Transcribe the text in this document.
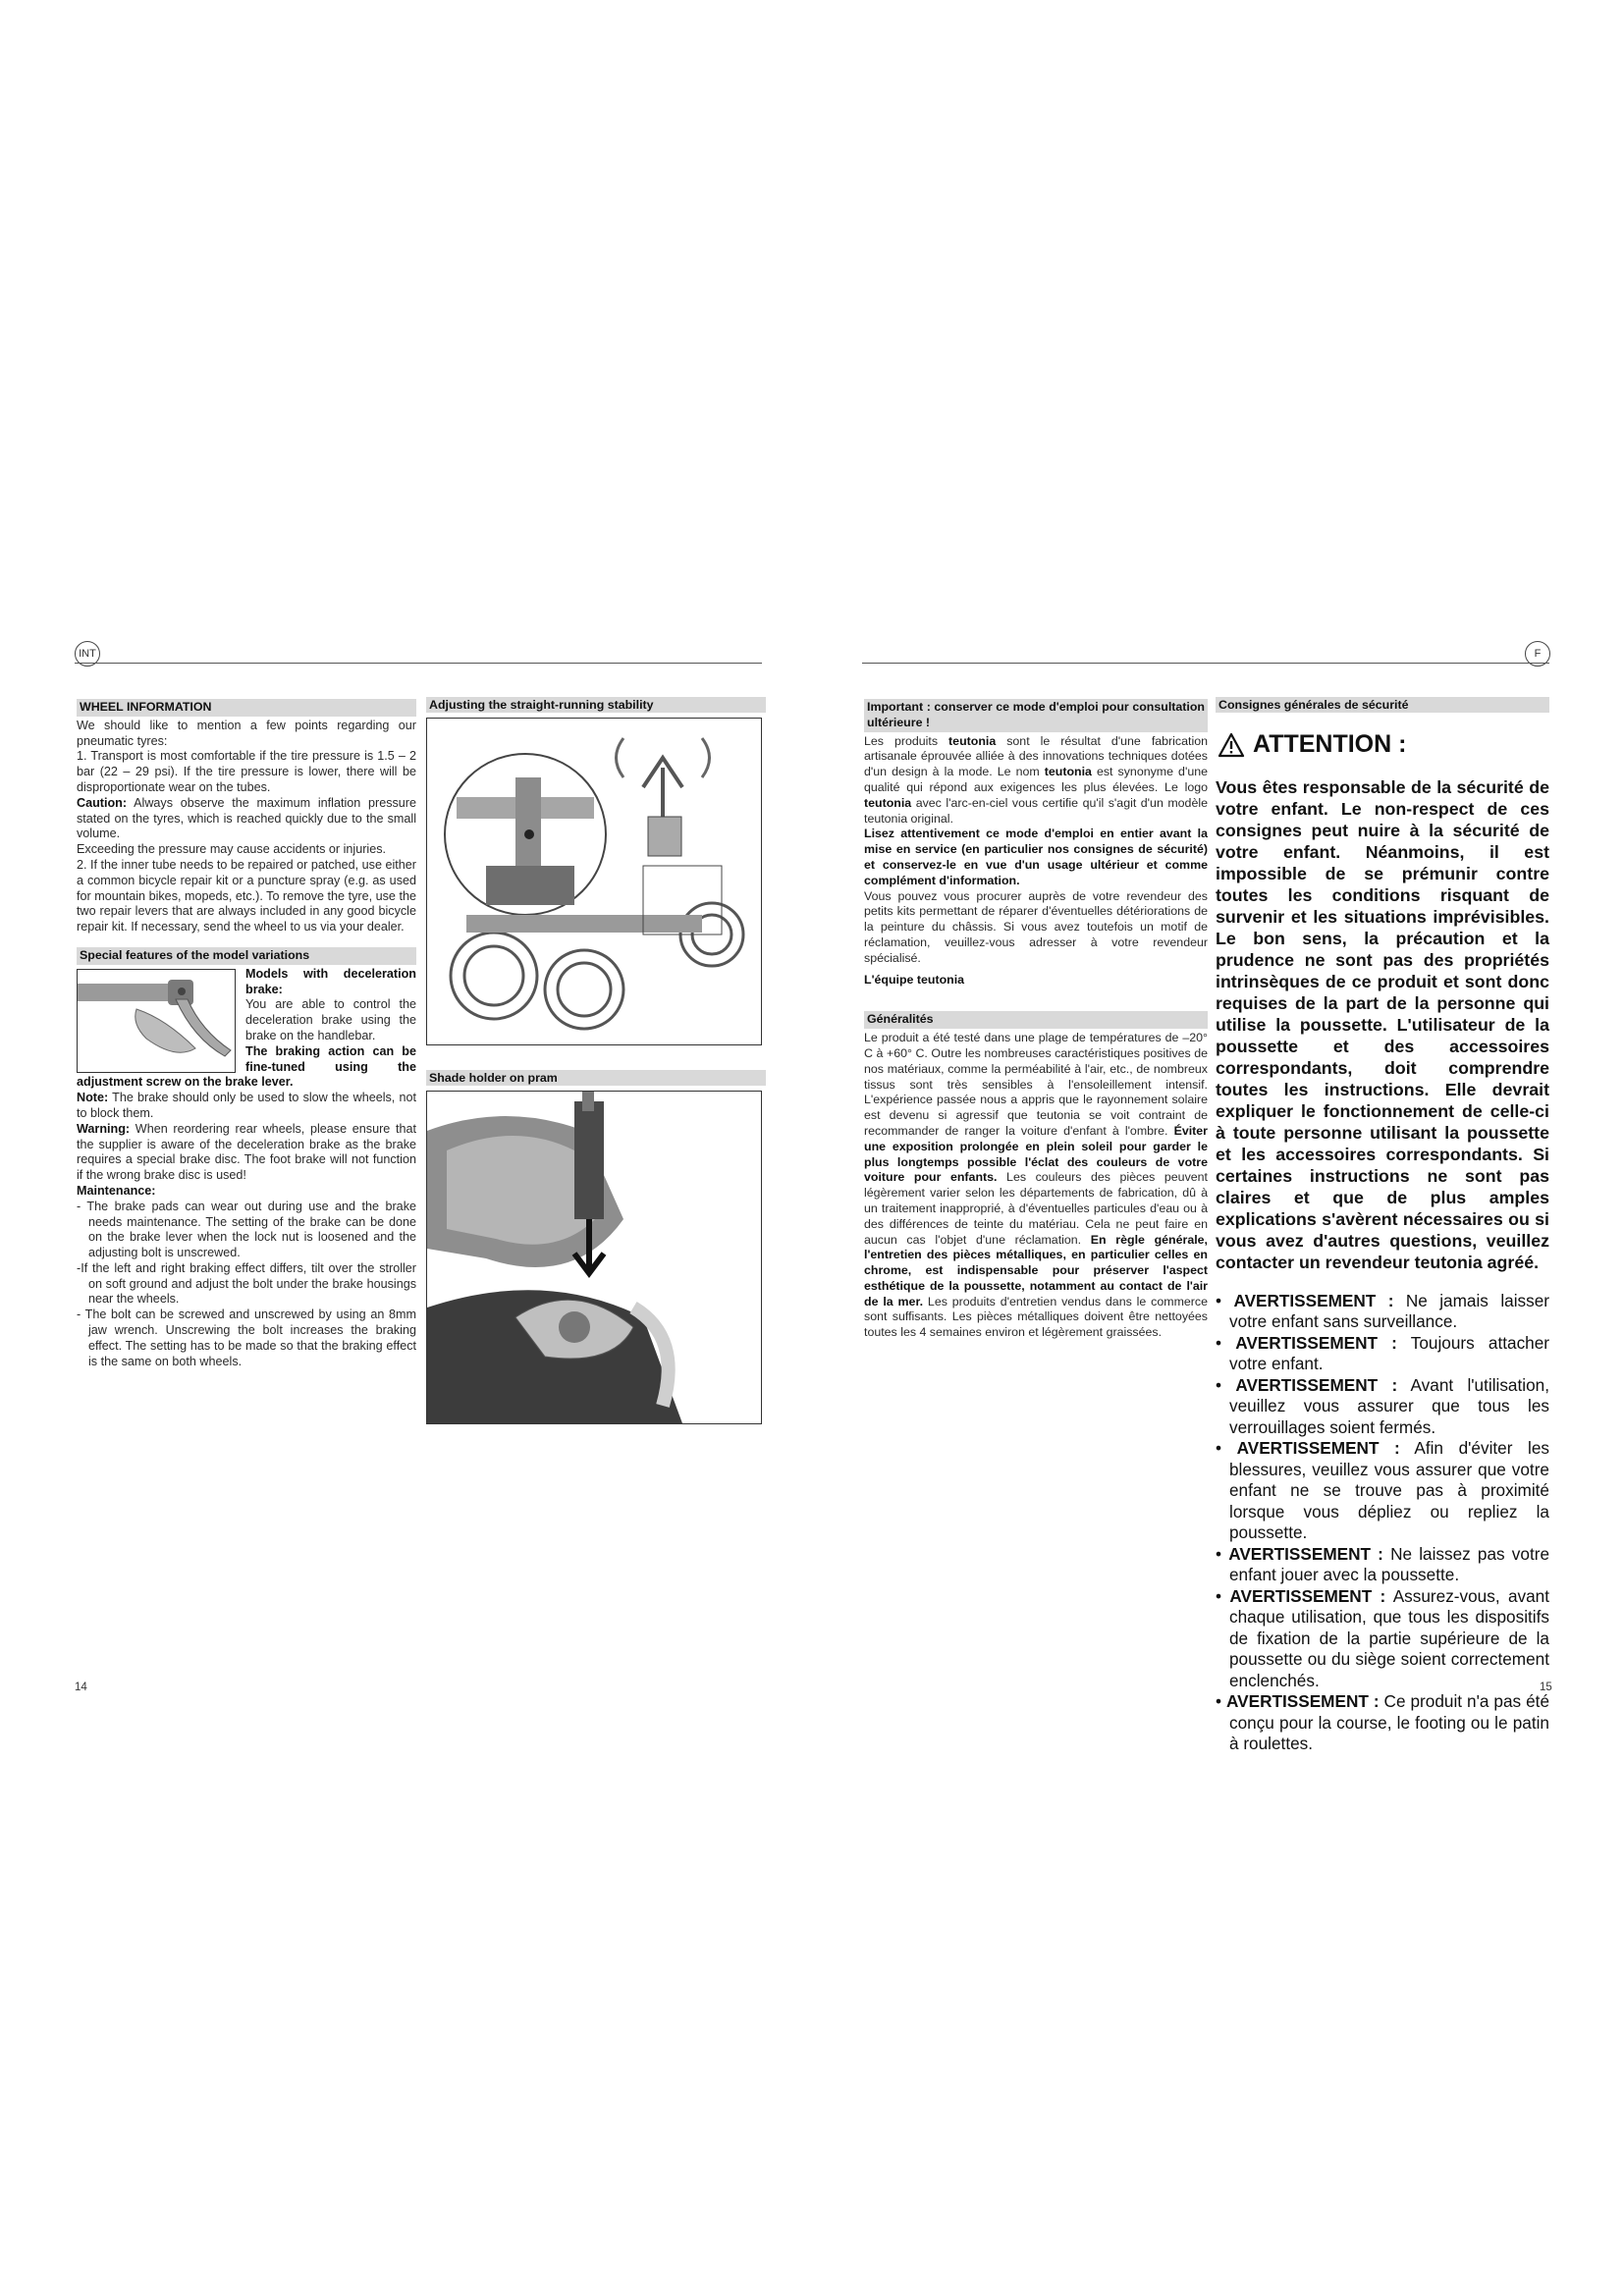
INT
WHEEL INFORMATION

We should like to mention a few points regarding our pneumatic tyres:

1. Transport is most comfortable if the tire pressure is 1.5 – 2 bar (22 – 29 psi). If the tire pressure is lower, there will be disproportionate wear on the tubes.

Caution: Always observe the maximum inflation pressure stated on the tyres, which is reached quickly due to the small volume.

Exceeding the pressure may cause accidents or injuries.

2. If the inner tube needs to be repaired or patched, use either a common bicycle repair kit or a puncture spray (e.g. as used for mountain bikes, mopeds, etc.). To remove the tyre, use the two repair levers that are always included in any good bicycle repair kit. If necessary, send the wheel to us via your dealer.

Special features of the model variations

Models with deceleration brake:

You are able to control the deceleration brake using the brake on the handlebar.

The braking action can be fine-tuned using the adjustment screw on the brake lever.

Note: The brake should only be used to slow the wheels, not to block them.

Warning: When reordering rear wheels, please ensure that the supplier is aware of the deceleration brake as the brake requires a special brake disc. The foot brake will not function if the wrong brake disc is used!

Maintenance:

- The brake pads can wear out during use and the brake needs maintenance. The setting of the brake can be done on the brake lever when the lock nut is loosened and the adjusting bolt is unscrewed.

-If the left and right braking effect differs, tilt over the stroller on soft ground and adjust the bolt under the brake housings near the wheels.

- The bolt can be screwed and unscrewed by using an 8mm jaw wrench. Unscrewing the bolt increases the braking effect. The setting has to be made so that the braking effect is the same on both wheels.

Adjusting the straight-running stability
Shade holder on pram
14
F
Important : conserver ce mode d'emploi pour consultation ultérieure !

Les produits teutonia sont le résultat d'une fabrication artisanale éprouvée alliée à des innovations techniques dotées d'un design à la mode. Le nom teutonia est synonyme d'une qualité qui répond aux exigences les plus élevées. Le logo teutonia avec l'arc-en-ciel vous certifie qu'il s'agit d'un modèle teutonia original.

Lisez attentivement ce mode d'emploi en entier avant la mise en service (en particulier nos consignes de sécurité) et conservez-le en vue d'un usage ultérieur et comme complément d'information.

Vous pouvez vous procurer auprès de votre revendeur des petits kits permettant de réparer d'éventuelles détériorations de la peinture du châssis. Si vous avez toutefois un motif de réclamation, veuillez-vous adresser à votre revendeur spécialisé.

L'équipe teutonia

Généralités

Le produit a été testé dans une plage de températures de –20° C à +60° C. Outre les nombreuses caractéristiques positives de nos matériaux, comme la perméabilité à l'air, etc., de nombreux tissus sont très sensibles à l'ensoleillement intensif. L'expérience passée nous a appris que le rayonnement solaire est devenu si agressif que teutonia se voit contraint de recommander de ranger la voiture d'enfant à l'ombre. Éviter une exposition prolongée en plein soleil pour garder le plus longtemps possible l'éclat des couleurs de votre voiture pour enfants. Les couleurs des pièces peuvent légèrement varier selon les départements de fabrication, dû à un traitement inapproprié, à d'éventuelles particules d'eau ou à des différences de teinte du matériau. Cela ne peut faire en aucun cas l'objet d'une réclamation. En règle générale, l'entretien des pièces métalliques, en particulier celles en chrome, est indispensable pour préserver l'aspect esthétique de la poussette, notamment au contact de l'air de la mer. Les produits d'entretien vendus dans le commerce sont suffisants. Les pièces métalliques doivent être nettoyées toutes les 4 semaines environ et légèrement graissées.

Consignes générales de sécurité
ATTENTION :

Vous êtes responsable de la sécurité de votre enfant. Le non-respect de ces consignes peut nuire à la sécurité de votre enfant. Néanmoins, il est impossible de se prémunir contre toutes les conditions risquant de survenir et les situations imprévisibles. Le bon sens, la précaution et la prudence ne sont pas des propriétés intrinsèques de ce produit et sont donc requises de la part de la personne qui utilise la poussette. L'utilisateur de la poussette et des accessoires correspondants, doit comprendre toutes les instructions. Elle devrait expliquer le fonctionnement de celle-ci à toute personne utilisant la poussette et les accessoires correspondants. Si certaines instructions ne sont pas claires et que de plus amples explications s'avèrent nécessaires ou si vous avez d'autres questions, veuillez contacter un revendeur teutonia agréé.

• AVERTISSEMENT : Ne jamais laisser votre enfant sans surveillance.

• AVERTISSEMENT : Toujours attacher votre enfant.

• AVERTISSEMENT : Avant l'utilisation, veuillez vous assurer que tous les verrouillages soient fermés.

• AVERTISSEMENT : Afin d'éviter les blessures, veuillez vous assurer que votre enfant ne se trouve pas à proximité lorsque vous dépliez ou repliez la poussette.

• AVERTISSEMENT : Ne laissez pas votre enfant jouer avec la poussette.

• AVERTISSEMENT : Assurez-vous, avant chaque utilisation, que tous les dispositifs de fixation de la partie supérieure de la poussette ou du siège soient correctement enclenchés.

• AVERTISSEMENT : Ce produit n'a pas été conçu pour la course, le footing ou le patin à roulettes.

15
